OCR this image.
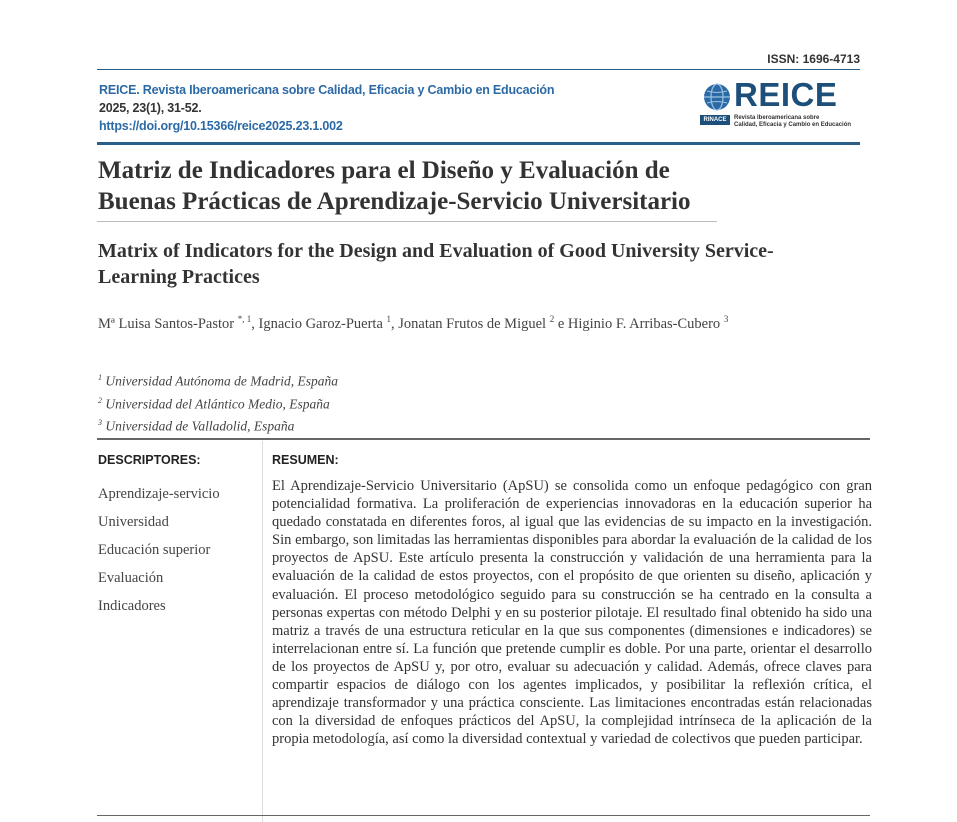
ISSN: 1696-4713
REICE. Revista Iberoamericana sobre Calidad, Eficacia y Cambio en Educación
2025, 23(1), 31-52.
https://doi.org/10.15366/reice2025.23.1.002
REICE
RINACE	Revista Iberoamericana sobre
Calidad, Eficacia y Cambio en Educación
Matriz de Indicadores para el Diseño y Evaluación de Buenas Prácticas de Aprendizaje-Servicio Universitario
Matrix of Indicators for the Design and Evaluation of Good University Service-Learning Practices
Mª Luisa Santos-Pastor $^{*, 1}$, Ignacio Garoz-Puerta $^1$, Jonatan Frutos de Miguel $^2$ e Higinio F. Arribas-Cubero $^3$
$^1$ Universidad Autónoma de Madrid, España
$^2$ Universidad del Atlántico Medio, España
$^3$ Universidad de Valladolid, España
DESCRIPTORES:	RESUMEN:
Aprendizaje-servicio
Universidad
Educación superior
Evaluación
Indicadores
El Aprendizaje-Servicio Universitario (ApSU) se consolida como un enfoque pedagógico con gran potencialidad formativa. La proliferación de experiencias innovadoras en la educación superior ha quedado constatada en diferentes foros, al igual que las evidencias de su impacto en la investigación. Sin embargo, son limitadas las herramientas disponibles para abordar la evaluación de la calidad de los proyectos de ApSU. Este artículo presenta la construcción y validación de una herramienta para la evaluación de la calidad de estos proyectos, con el propósito de que orienten su diseño, aplicación y evaluación. El proceso metodológico seguido para su construcción se ha centrado en la consulta a personas expertas con método Delphi y en su posterior pilotaje. El resultado final obtenido ha sido una matriz a través de una estructura reticular en la que sus componentes (dimensiones e indicadores) se interrelacionan entre sí. La función que pretende cumplir es doble. Por una parte, orientar el desarrollo de los proyectos de ApSU y, por otro, evaluar su adecuación y calidad. Además, ofrece claves para compartir espacios de diálogo con los agentes implicados, y posibilitar la reflexión crítica, el aprendizaje transformador y una práctica consciente. Las limitaciones encontradas están relacionadas con la diversidad de enfoques prácticos del ApSU, la complejidad intrínseca de la aplicación de la propia metodología, así como la diversidad contextual y variedad de colectivos que pueden participar.
